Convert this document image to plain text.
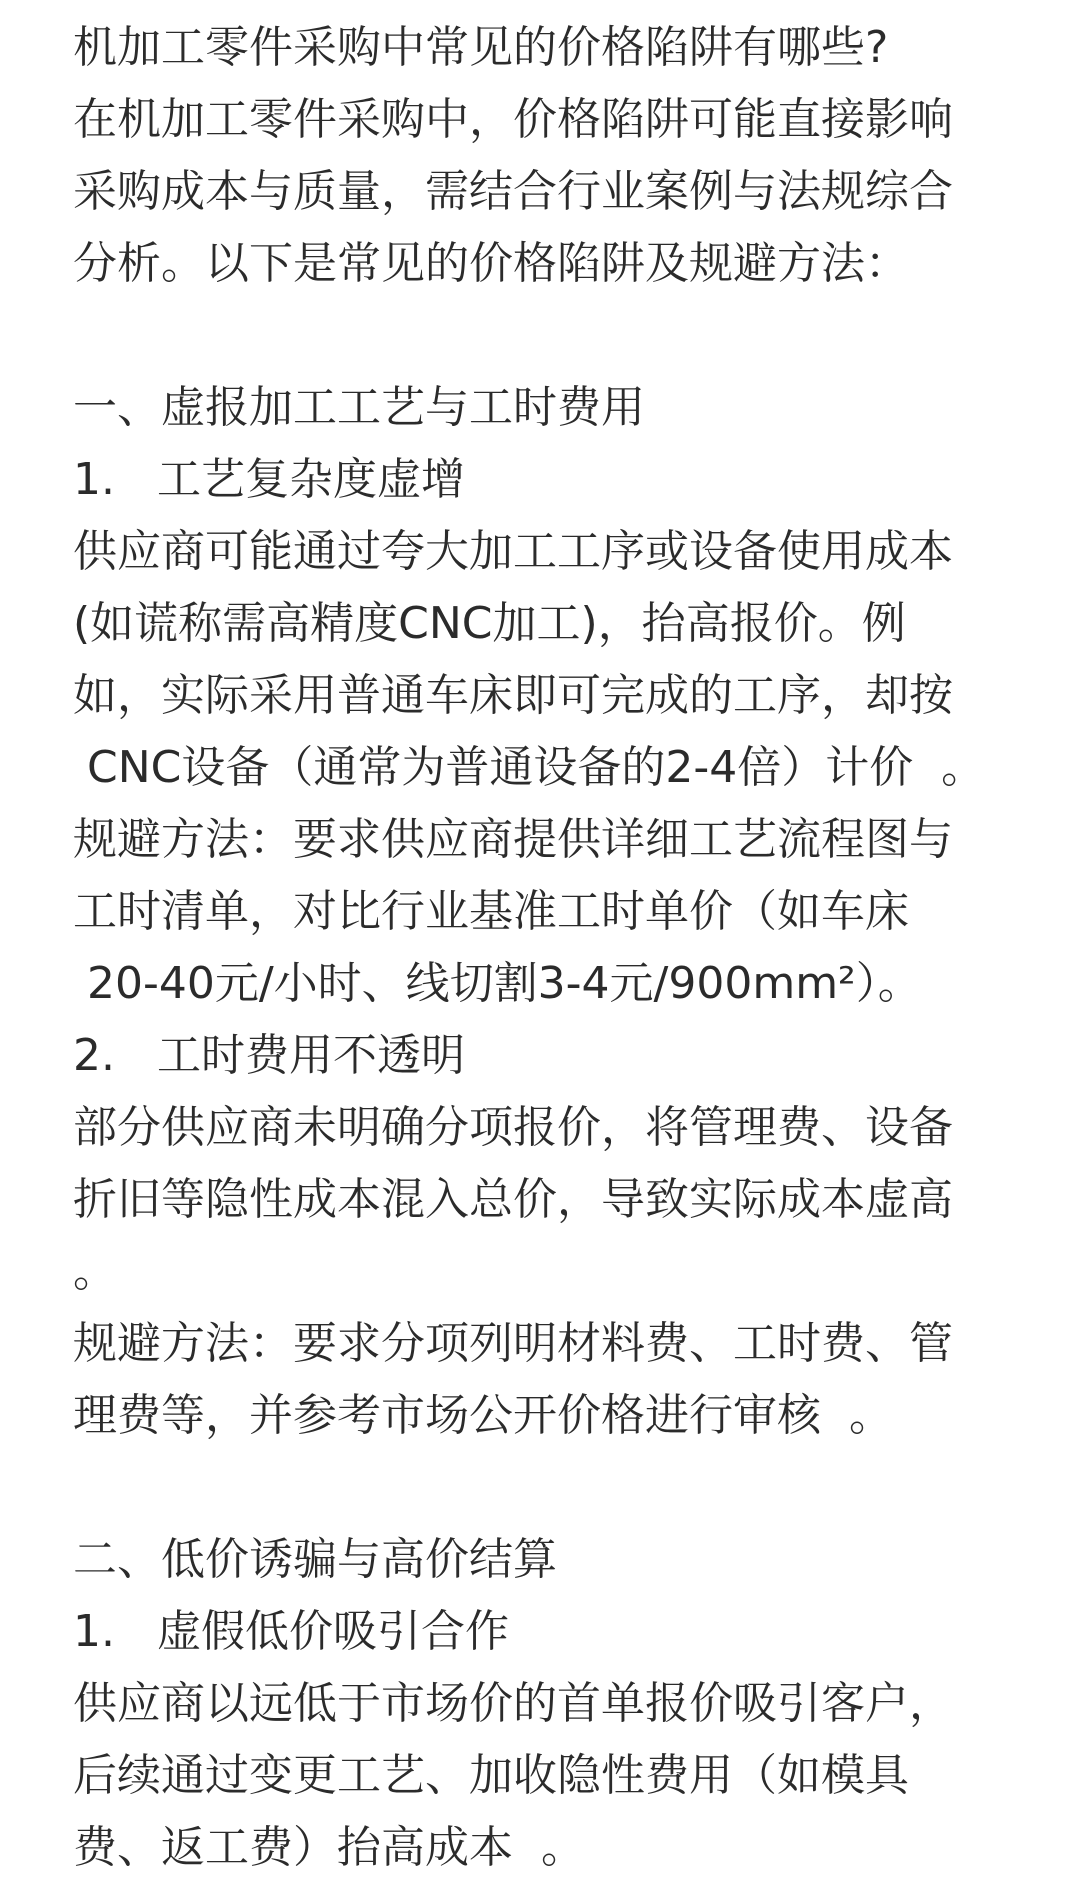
机加工零件采购中常见的价格陷阱有哪些?
在机加工零件采购中，价格陷阱可能直接影响
采购成本与质量，需结合行业案例与法规综合
分析。以下是常见的价格陷阱及规避方法：
一、虚报加工工艺与工时费用
1.   工艺复杂度虚增
供应商可能通过夸大加工工序或设备使用成本
(如谎称需高精度CNC加工)，抬高报价。例
如，实际采用普通车床即可完成的工序，却按
CNC设备（通常为普通设备的2-4倍）计价  。
规避方法：要求供应商提供详细工艺流程图与
工时清单，对比行业基准工时单价（如车床
20-40元/小时、线切割3-4元/900mm²）。
2.   工时费用不透明
部分供应商未明确分项报价，将管理费、设备
折旧等隐性成本混入总价，导致实际成本虚高
。
规避方法：要求分项列明材料费、工时费、管
理费等，并参考市场公开价格进行审核  。
二、低价诱骗与高价结算
1.   虚假低价吸引合作
供应商以远低于市场价的首单报价吸引客户，
后续通过变更工艺、加收隐性费用（如模具
费、返工费）抬高成本  。
